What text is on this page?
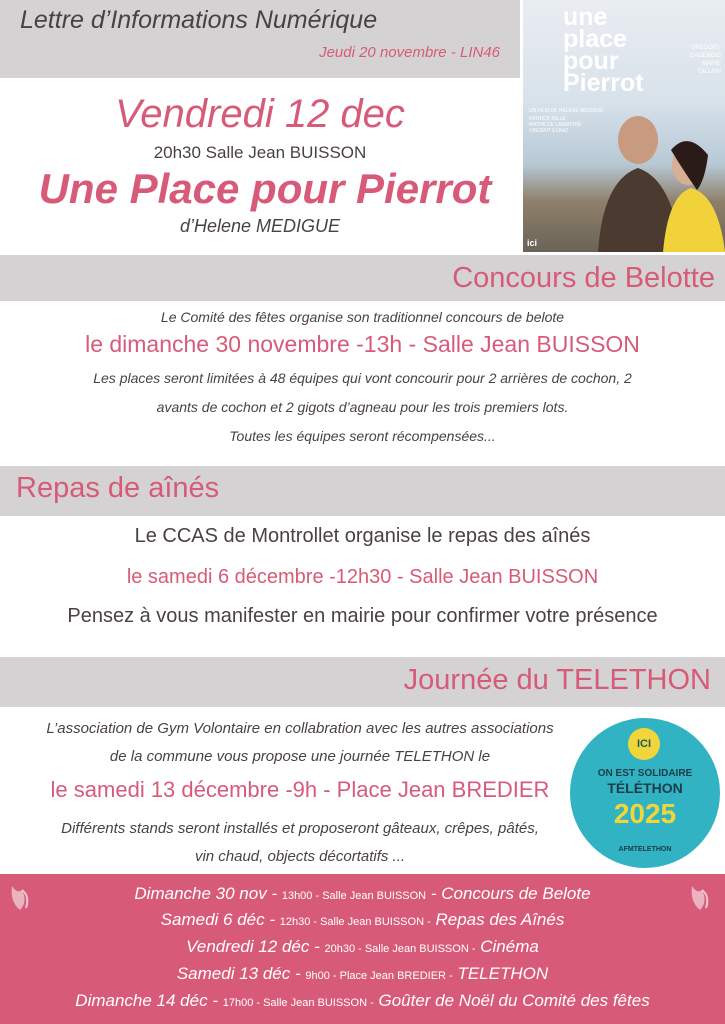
Lettre d’Informations Numérique
Jeudi 20 novembre - LIN46
une
place
pour
Pierrot
GRÉGORY
GADEBOIS
MARIE
GILLAIN
UN FILM DE HÉLÈNE MÉDIGUE
PATRICK MILLE
MATHILDE LABARTHE
VINCENT ELBAZ
ici
Vendredi 12 dec
20h30 Salle Jean BUISSON
Une Place pour Pierrot
d’Helene MEDIGUE
Concours de Belotte
Le Comité des fêtes organise son traditionnel concours de belote
le dimanche 30 novembre -13h - Salle Jean BUISSON
Les places seront limitées à 48 équipes qui vont concourir pour 2 arrières de cochon, 2
avants de cochon et 2 gigots d’agneau pour les trois premiers lots.
Toutes les équipes seront récompensées...
Repas de aînés
Le CCAS de Montrollet organise le repas des aînés
le samedi 6 décembre -12h30 - Salle Jean BUISSON
Pensez à vous manifester en mairie pour confirmer votre présence
Journée du TELETHON
L’association de Gym Volontaire en collabration avec les autres associations
de la commune vous propose une journée TELETHON le
le samedi 13 décembre -9h - Place Jean BREDIER
Différents stands seront installés et proposeront gâteaux, crêpes, pâtés,
vin chaud, objects décortatifs ...
ICI
ON EST SOLIDAIRE
TÉLÉTHON
2025
AFMTELETHON
Dimanche 30 nov - 13h00 - Salle Jean BUISSON - Concours de Belote
Samedi 6 déc - 12h30 - Salle Jean BUISSON - Repas des Aînés
Vendredi 12 déc - 20h30 - Salle Jean BUISSON - Cinéma
Samedi 13 déc - 9h00 - Place Jean BREDIER - TELETHON
Dimanche 14 déc - 17h00 - Salle Jean BUISSON - Goûter de Noël du Comité des fêtes
